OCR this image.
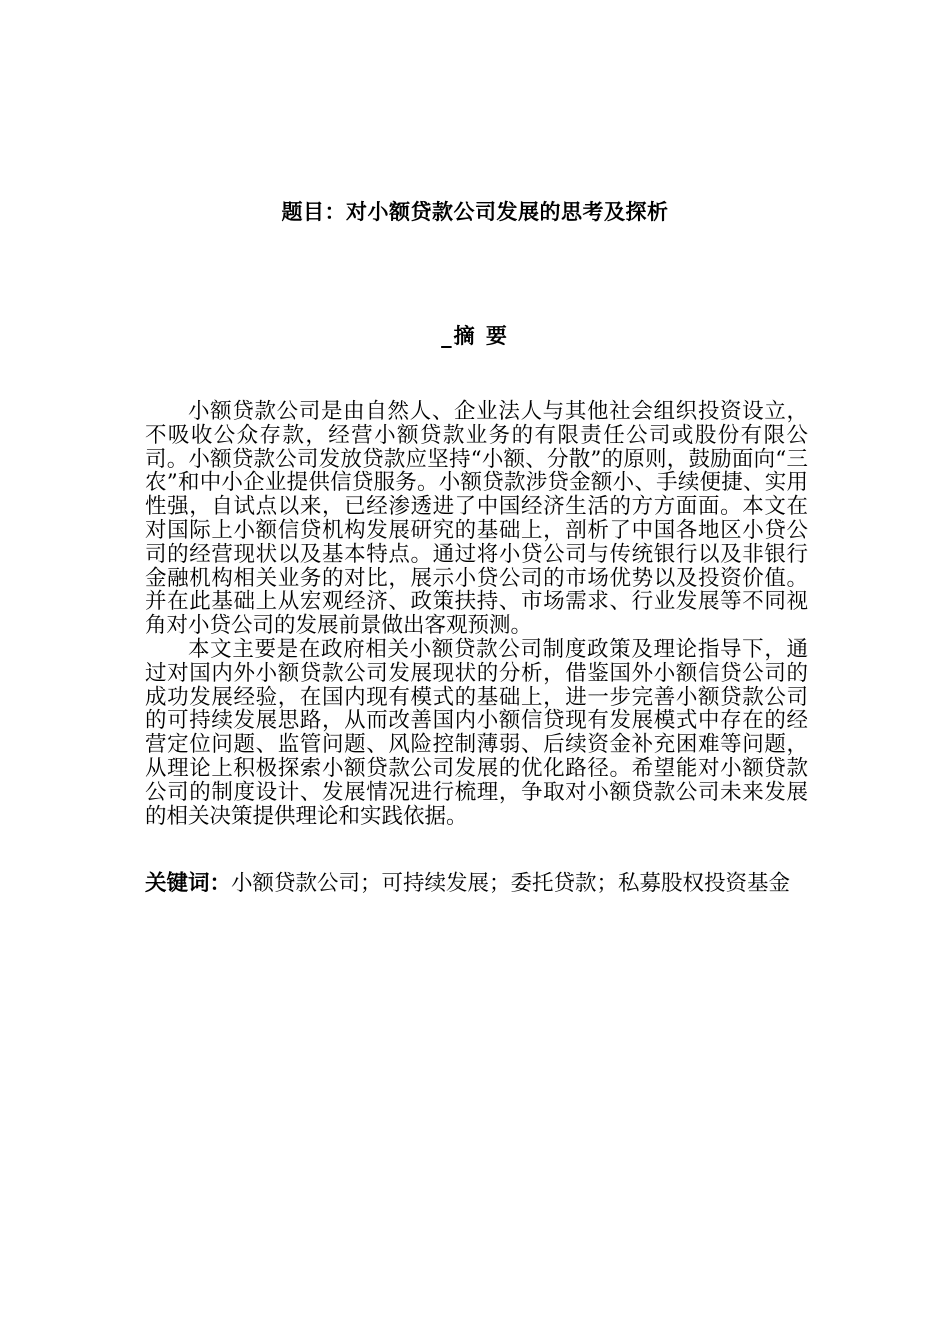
题目：对小额贷款公司发展的思考及探析
_摘 要

小额贷款公司是由自然人、企业法人与其他社会组织投资设立，不吸收公众存款，经营小额贷款业务的有限责任公司或股份有限公司。小额贷款公司发放贷款应坚持“小额、分散”的原则，鼓励面向“三农”和中小企业提供信贷服务。小额贷款涉贷金额小、手续便捷、实用性强，自试点以来，已经渗透进了中国经济生活的方方面面。本文在对国际上小额信贷机构发展研究的基础上，剖析了中国各地区小贷公司的经营现状以及基本特点。通过将小贷公司与传统银行以及非银行金融机构相关业务的对比，展示小贷公司的市场优势以及投资价值。并在此基础上从宏观经济、政策扶持、市场需求、行业发展等不同视角对小贷公司的发展前景做出客观预测。

本文主要是在政府相关小额贷款公司制度政策及理论指导下，通过对国内外小额贷款公司发展现状的分析，借鉴国外小额信贷公司的成功发展经验，在国内现有模式的基础上，进一步完善小额贷款公司的可持续发展思路，从而改善国内小额信贷现有发展模式中存在的经营定位问题、监管问题、风险控制薄弱、后续资金补充困难等问题，从理论上积极探索小额贷款公司发展的优化路径。希望能对小额贷款公司的制度设计、发展情况进行梳理，争取对小额贷款公司未来发展的相关决策提供理论和实践依据。

关键词：小额贷款公司；可持续发展；委托贷款；私募股权投资基金
